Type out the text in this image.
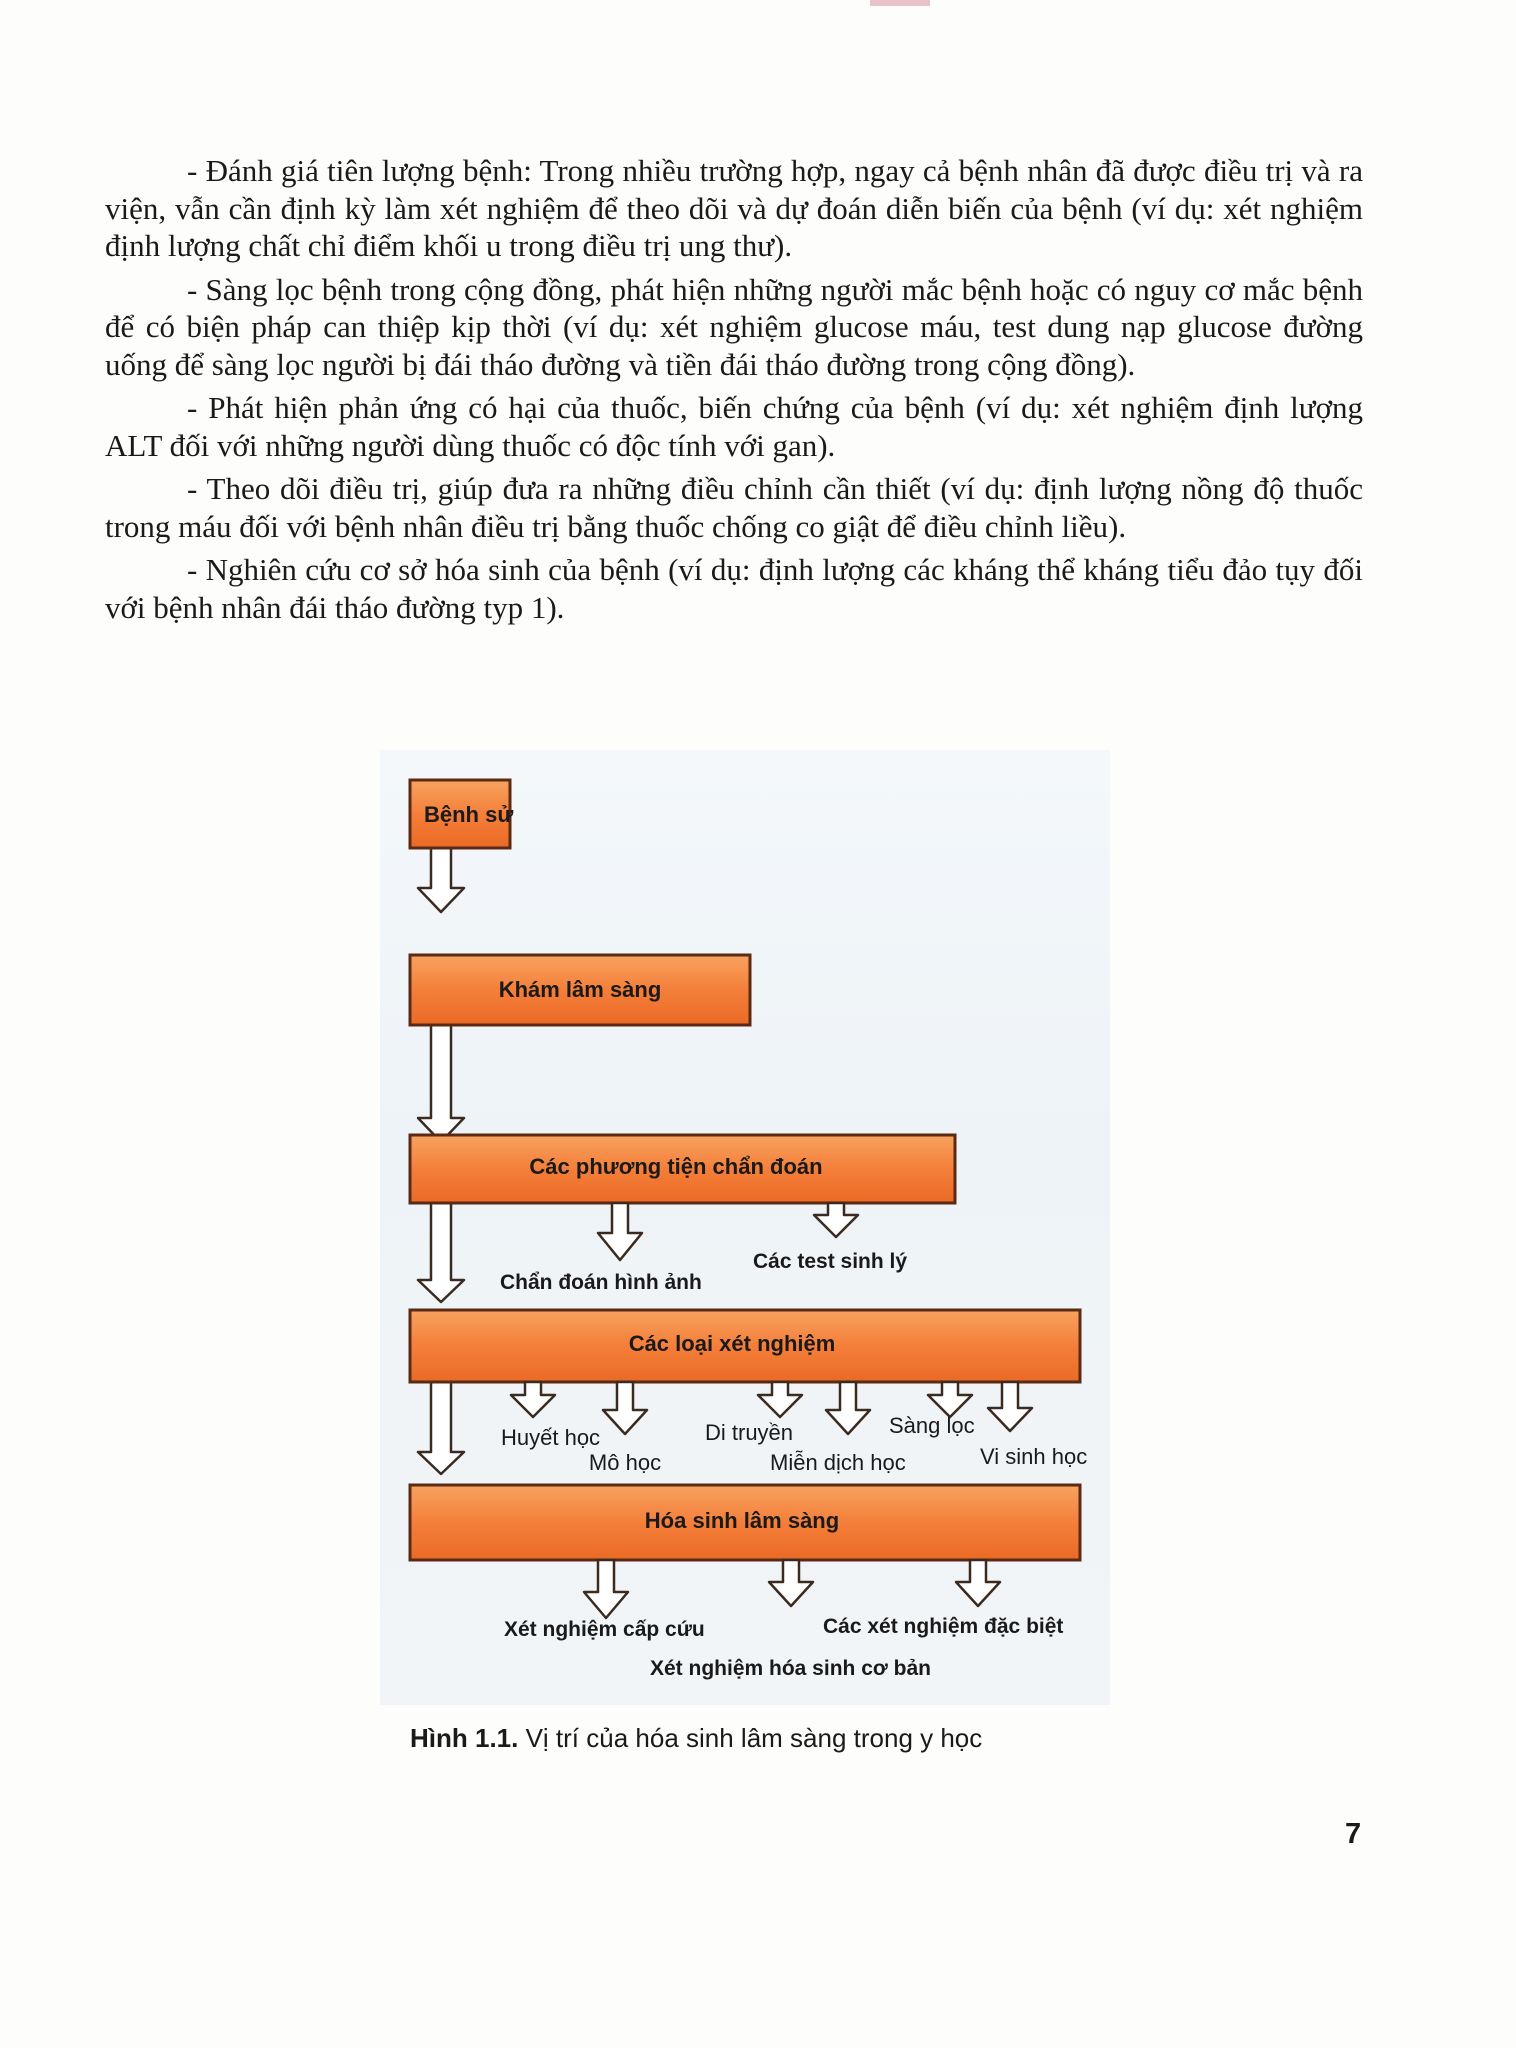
- Đánh giá tiên lượng bệnh: Trong nhiều trường hợp, ngay cả bệnh nhân đã được điều trị và ra viện, vẫn cần định kỳ làm xét nghiệm để theo dõi và dự đoán diễn biến của bệnh (ví dụ: xét nghiệm định lượng chất chỉ điểm khối u trong điều trị ung thư).

- Sàng lọc bệnh trong cộng đồng, phát hiện những người mắc bệnh hoặc có nguy cơ mắc bệnh để có biện pháp can thiệp kịp thời (ví dụ: xét nghiệm glucose máu, test dung nạp glucose đường uống để sàng lọc người bị đái tháo đường và tiền đái tháo đường trong cộng đồng).

- Phát hiện phản ứng có hại của thuốc, biến chứng của bệnh (ví dụ: xét nghiệm định lượng ALT đối với những người dùng thuốc có độc tính với gan).

- Theo dõi điều trị, giúp đưa ra những điều chỉnh cần thiết (ví dụ: định lượng nồng độ thuốc trong máu đối với bệnh nhân điều trị bằng thuốc chống co giật để điều chỉnh liều).

- Nghiên cứu cơ sở hóa sinh của bệnh (ví dụ: định lượng các kháng thể kháng tiểu đảo tụy đối với bệnh nhân đái tháo đường typ 1).

Bệnh sử
Khám lâm sàng
Các phương tiện chẩn đoán
Các loại xét nghiệm
Hóa sinh lâm sàng
Chẩn đoán hình ảnh
Các test sinh lý
Xét nghiệm cấp cứu	Các xét nghiệm đặc biệt
Xét nghiệm hóa sinh cơ bản
Huyết học
Mô học
Di truyền
Miễn dịch học
Sàng lọc
Vi sinh học
Hình 1.1. Vị trí của hóa sinh lâm sàng trong y học
7
